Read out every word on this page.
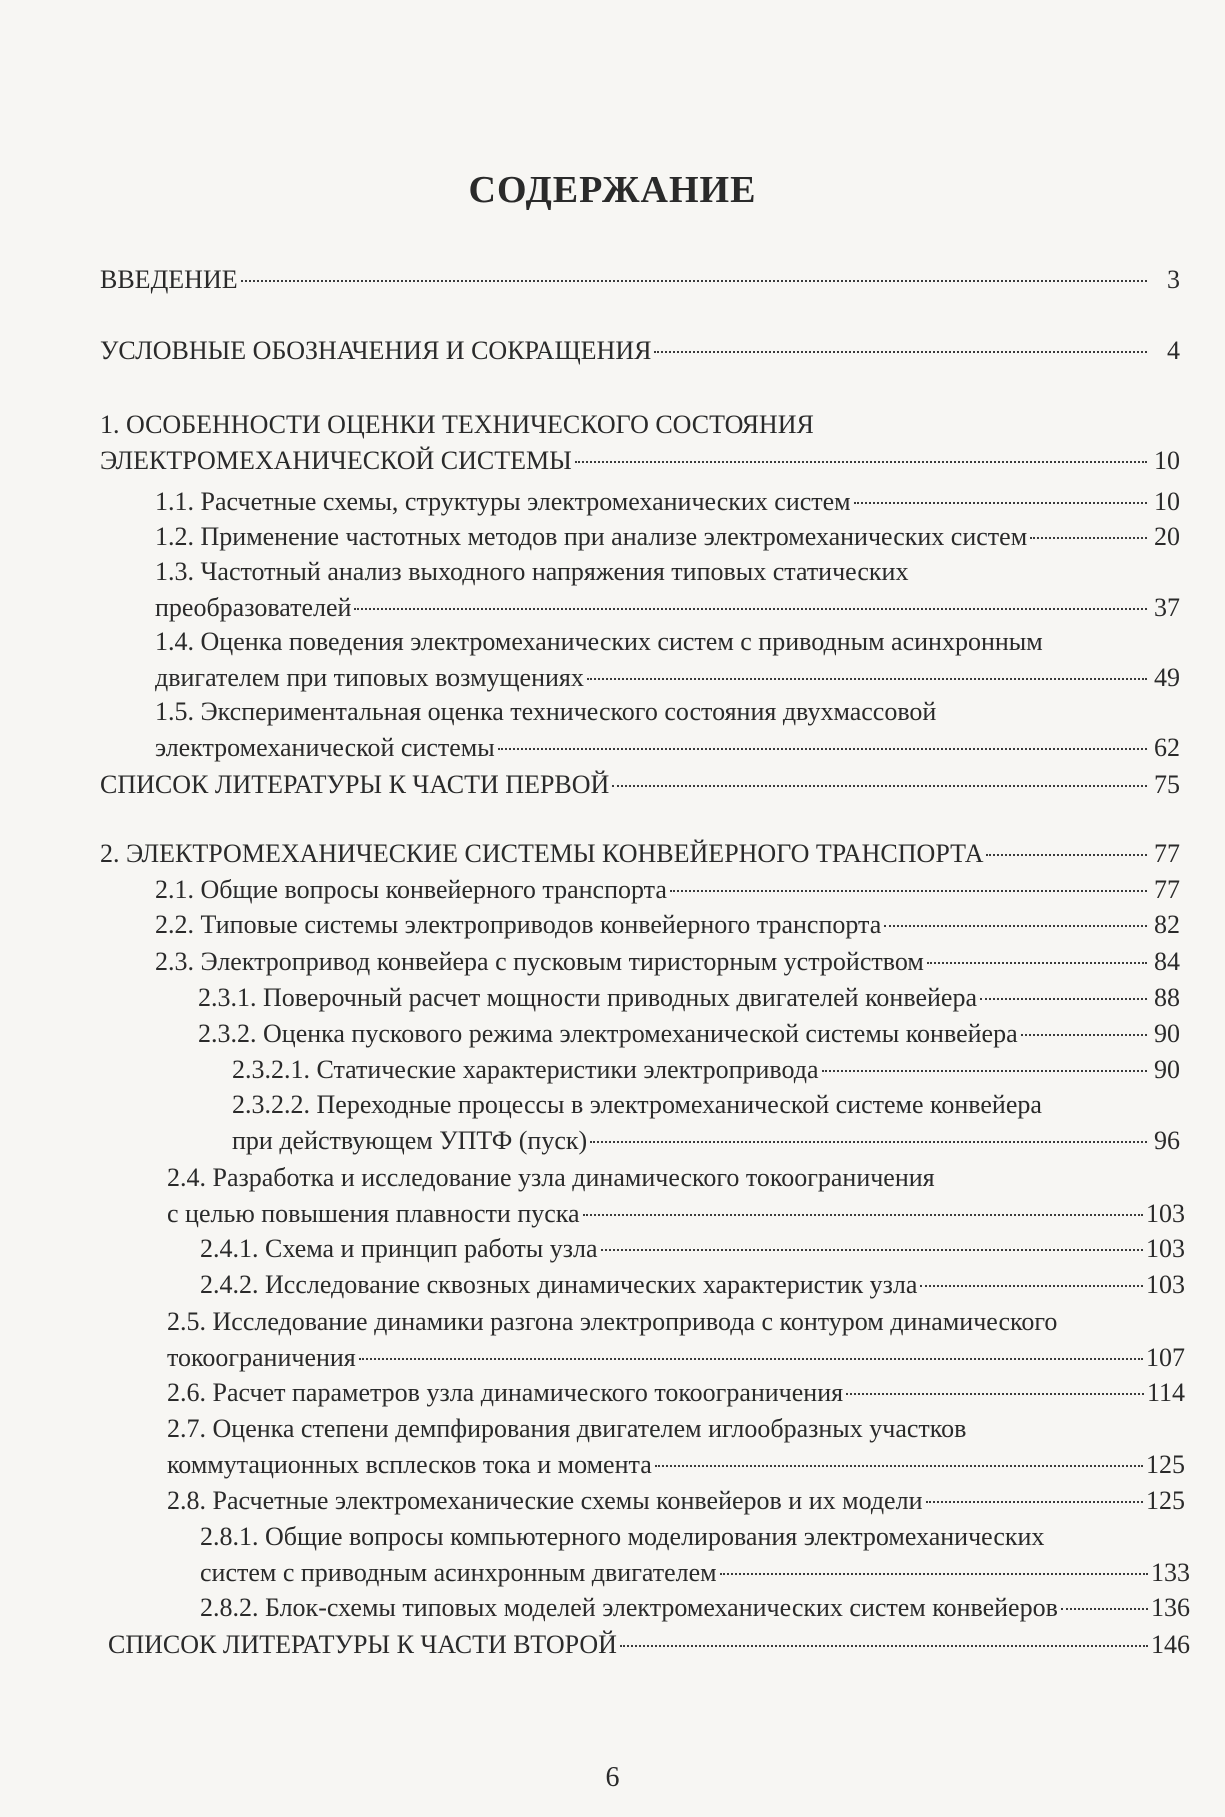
СОДЕРЖАНИЕ
ВВЕДЕНИЕ	3
УСЛОВНЫЕ ОБОЗНАЧЕНИЯ И СОКРАЩЕНИЯ	4
1. ОСОБЕННОСТИ ОЦЕНКИ ТЕХНИЧЕСКОГО СОСТОЯНИЯ
ЭЛЕКТРОМЕХАНИЧЕСКОЙ СИСТЕМЫ	10
1.1. Расчетные схемы, структуры электромеханических систем	10
1.2. Применение частотных методов при анализе электромеханических систем	20
1.3. Частотный анализ выходного напряжения типовых статических
преобразователей	37
1.4. Оценка поведения электромеханических систем с приводным асинхронным
двигателем при типовых возмущениях	49
1.5. Экспериментальная оценка технического состояния двухмассовой
электромеханической системы	62
СПИСОК ЛИТЕРАТУРЫ К ЧАСТИ ПЕРВОЙ	75
2. ЭЛЕКТРОМЕХАНИЧЕСКИЕ СИСТЕМЫ КОНВЕЙЕРНОГО ТРАНСПОРТА	77
2.1. Общие вопросы конвейерного транспорта	77
2.2. Типовые системы электроприводов конвейерного транспорта	82
2.3. Электропривод конвейера с пусковым тиристорным устройством	84
2.3.1. Поверочный расчет мощности приводных двигателей конвейера	88
2.3.2. Оценка пускового режима электромеханической системы конвейера	90
2.3.2.1. Статические характеристики электропривода	90
2.3.2.2. Переходные процессы в электромеханической системе конвейера
при действующем УПТФ (пуск)	96
2.4. Разработка и исследование узла динамического токоограничения
с целью повышения плавности пуска	103
2.4.1. Схема и принцип работы узла	103
2.4.2. Исследование сквозных динамических характеристик узла	103
2.5. Исследование динамики разгона электропривода с контуром динамического
токоограничения	107
2.6. Расчет параметров узла динамического токоограничения	114
2.7. Оценка степени демпфирования двигателем иглообразных участков
коммутационных всплесков тока и момента	125
2.8. Расчетные электромеханические схемы конвейеров и их модели	125
2.8.1. Общие вопросы компьютерного моделирования электромеханических
систем с приводным асинхронным двигателем	133
2.8.2. Блок-схемы типовых моделей электромеханических систем конвейеров	136
СПИСОК ЛИТЕРАТУРЫ К ЧАСТИ ВТОРОЙ	146
6
